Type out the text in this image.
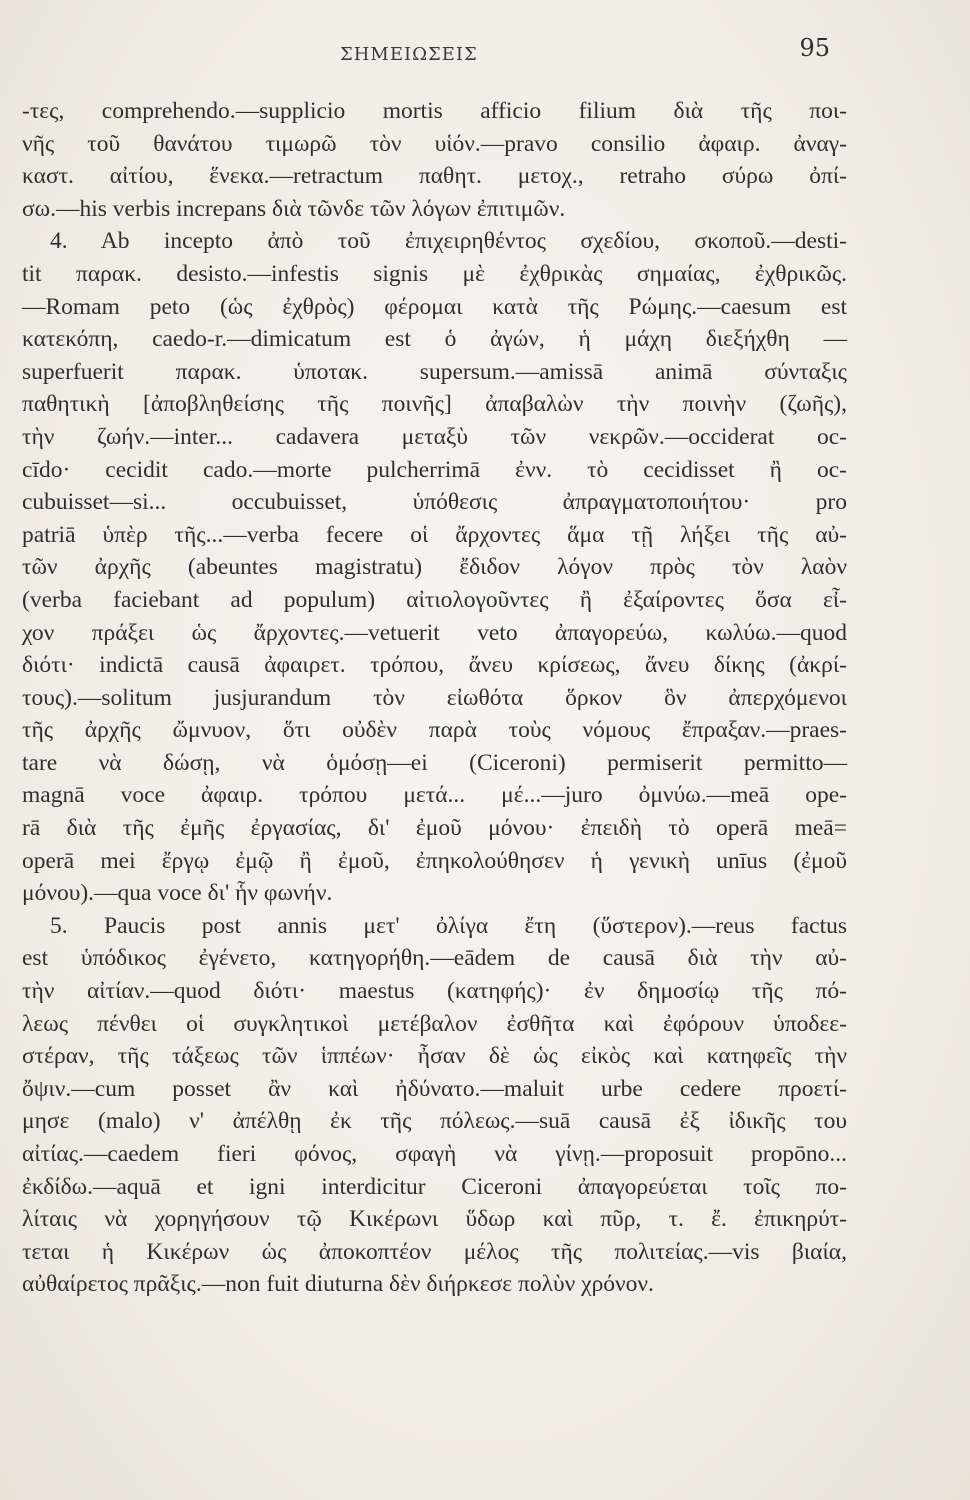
ΣΗΜΕΙΩΣΕΙΣ	95
-τες, comprehendo.—supplicio mortis afficio filium διὰ τῆς ποι-
νῆς τοῦ θανάτου τιμωρῶ τὸν υἱόν.—pravo consilio ἀφαιρ. ἀναγ-
καστ. αἰτίου, ἕνεκα.—retractum παθητ. μετοχ., retraho σύρω ὀπί-
σω.—his verbis increpans διὰ τῶνδε τῶν λόγων ἐπιτιμῶν.
4. Ab incepto ἀπὸ τοῦ ἐπιχειρηθέντος σχεδίου, σκοποῦ.—desti-
tit παρακ. desisto.—infestis signis μὲ ἐχθρικὰς σημαίας, ἐχθρικῶς.
—Romam peto (ὡς ἐχθρὸς) φέρομαι κατὰ τῆς Ρώμης.—caesum est
κατεκόπη, caedo-r.—dimicatum est ὁ ἀγών, ἡ μάχη διεξήχθη —
superfuerit παρακ. ὑποτακ. supersum.—amissā animā σύνταξις
παθητικὴ [ἀποβληθείσης τῆς ποινῆς] ἀπαβαλὼν τὴν ποινὴν (ζωῆς),
τὴν ζωήν.—inter... cadavera μεταξὺ τῶν νεκρῶν.—occiderat oc-
cīdo· cecidit cado.—morte pulcherrimā ἐνν. τὸ cecidisset ἢ oc-
cubuisset—si... occubuisset, ὑπόθεσις ἀπραγματοποιήτου· pro
patriā ὑπὲρ τῆς...—verba fecere οἱ ἄρχοντες ἅμα τῇ λήξει τῆς αὐ-
τῶν ἀρχῆς (abeuntes magistratu) ἔδιδον λόγον πρὸς τὸν λαὸν
(verba faciebant ad populum) αἰτιολογοῦντες ἢ ἐξαίροντες ὅσα εἶ-
χον πράξει ὡς ἄρχοντες.—vetuerit veto ἀπαγορεύω, κωλύω.—quod
διότι· indictā causā ἀφαιρετ. τρόπου, ἄνευ κρίσεως, ἄνευ δίκης (ἀκρί-
τους).—solitum jusjurandum τὸν εἰωθότα ὅρκον ὃν ἀπερχόμενοι
τῆς ἀρχῆς ὤμνυον, ὅτι οὐδὲν παρὰ τοὺς νόμους ἔπραξαν.—praes-
tare νὰ δώσῃ, νὰ ὁμόσῃ—ei (Ciceroni) permiserit permitto—
magnā voce ἀφαιρ. τρόπου μετά... μέ...—juro ὀμνύω.—meā ope-
rā διὰ τῆς ἐμῆς ἐργασίας, δι' ἐμοῦ μόνου· ἐπειδὴ τὸ operā meā=
operā mei ἔργῳ ἐμῷ ἢ ἐμοῦ, ἐπηκολούθησεν ἡ γενικὴ unīus (ἐμοῦ
μόνου).—qua voce δι' ἧν φωνήν.
5. Paucis post annis μετ' ὀλίγα ἔτη (ὕστερον).—reus factus
est ὑπόδικος ἐγένετο, κατηγορήθη.—eādem de causā διὰ τὴν αὐ-
τὴν αἰτίαν.—quod διότι· maestus (κατηφής)· ἐν δημοσίῳ τῆς πό-
λεως πένθει οἱ συγκλητικοὶ μετέβαλον ἐσθῆτα καὶ ἐφόρουν ὑποδεε-
στέραν, τῆς τάξεως τῶν ἱππέων· ἦσαν δὲ ὡς εἰκὸς καὶ κατηφεῖς τὴν
ὄψιν.—cum posset ἂν καὶ ἠδύνατο.—maluit urbe cedere προετί-
μησε (malo) ν' ἀπέλθῃ ἐκ τῆς πόλεως.—suā causā ἐξ ἰδικῆς του
αἰτίας.—caedem fieri φόνος, σφαγὴ νὰ γίνῃ.—proposuit propōno...
ἐκδίδω.—aquā et igni interdicitur Ciceroni ἀπαγορεύεται τοῖς πο-
λίταις νὰ χορηγήσουν τῷ Κικέρωνι ὕδωρ καὶ πῦρ, τ. ἔ. ἐπικηρύτ-
τεται ἡ Κικέρων ὡς ἀποκοπτέον μέλος τῆς πολιτείας.—vis βιαία,
αὐθαίρετος πρᾶξις.—non fuit diuturna δὲν διήρκεσε πολὺν χρόνον.
